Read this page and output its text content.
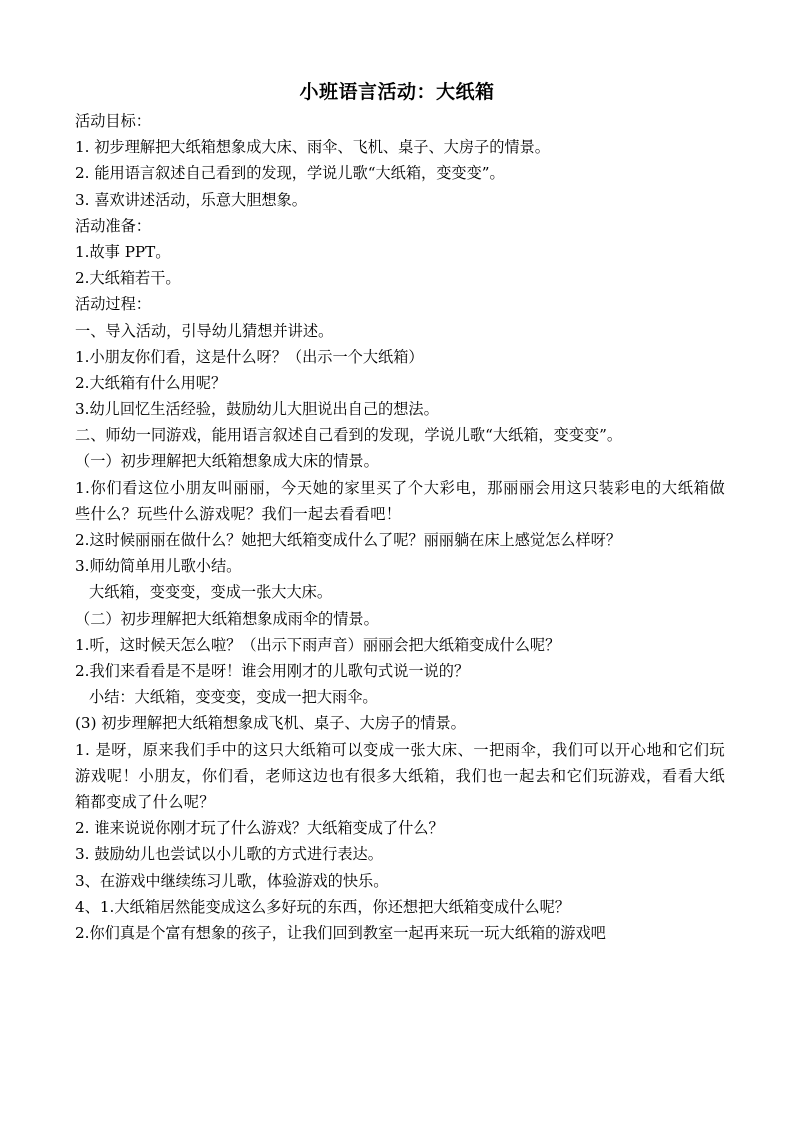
小班语言活动：大纸箱
活动目标：
1. 初步理解把大纸箱想象成大床、雨伞、飞机、桌子、大房子的情景。
2. 能用语言叙述自己看到的发现，学说儿歌“大纸箱，变变变”。
3. 喜欢讲述活动，乐意大胆想象。
活动准备：
1.故事 PPT。
2.大纸箱若干。
活动过程：
一、导入活动，引导幼儿猜想并讲述。
1.小朋友你们看，这是什么呀？（出示一个大纸箱）
2.大纸箱有什么用呢？
3.幼儿回忆生活经验，鼓励幼儿大胆说出自己的想法。
二、师幼一同游戏，能用语言叙述自己看到的发现，学说儿歌“大纸箱，变变变”。
（一）初步理解把大纸箱想象成大床的情景。
1.你们看这位小朋友叫丽丽，今天她的家里买了个大彩电，那丽丽会用这只装彩电的大纸箱做些什么？玩些什么游戏呢？我们一起去看看吧！
2.这时候丽丽在做什么？她把大纸箱变成什么了呢？丽丽躺在床上感觉怎么样呀？
3.师幼简单用儿歌小结。
大纸箱，变变变，变成一张大大床。
（二）初步理解把大纸箱想象成雨伞的情景。
1.听，这时候天怎么啦？（出示下雨声音）丽丽会把大纸箱变成什么呢？
2.我们来看看是不是呀！谁会用刚才的儿歌句式说一说的？
小结：大纸箱，变变变，变成一把大雨伞。
(3) 初步理解把大纸箱想象成飞机、桌子、大房子的情景。
1. 是呀，原来我们手中的这只大纸箱可以变成一张大床、一把雨伞，我们可以开心地和它们玩游戏呢！小朋友，你们看，老师这边也有很多大纸箱，我们也一起去和它们玩游戏，看看大纸箱都变成了什么呢？
2. 谁来说说你刚才玩了什么游戏？大纸箱变成了什么？
3. 鼓励幼儿也尝试以小儿歌的方式进行表达。
3、在游戏中继续练习儿歌，体验游戏的快乐。
4、1.大纸箱居然能变成这么多好玩的东西，你还想把大纸箱变成什么呢？
2.你们真是个富有想象的孩子，让我们回到教室一起再来玩一玩大纸箱的游戏吧
